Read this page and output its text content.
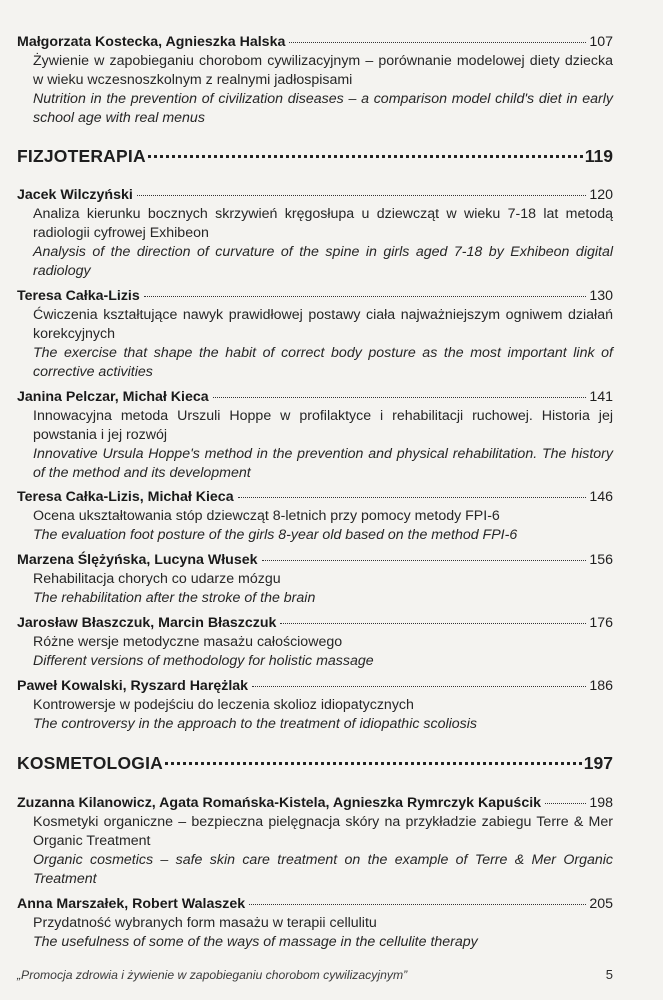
Małgorzata Kostecka, Agnieszka Halska	107
Żywienie w zapobieganiu chorobom cywilizacyjnym – porównanie modelowej diety dziecka w wieku wczesnoszkolnym z realnymi jadłospisami
Nutrition in the prevention of civilization diseases – a comparison model child's diet in early school age with real menus
FIZJOTERAPIA	119
Jacek Wilczyński	120
Analiza kierunku bocznych skrzywień kręgosłupa u dziewcząt w wieku 7-18 lat metodą radiologii cyfrowej Exhibeon
Analysis of the direction of curvature of the spine in girls aged 7-18 by Exhibeon digital radiology
Teresa Całka-Lizis	130
Ćwiczenia kształtujące nawyk prawidłowej postawy ciała najważniejszym ogniwem działań korekcyjnych
The exercise that shape the habit of correct body posture as the most important link of corrective activities
Janina Pelczar, Michał Kieca	141
Innowacyjna metoda Urszuli Hoppe w profilaktyce i rehabilitacji ruchowej. Historia jej powstania i jej rozwój
Innovative Ursula Hoppe's method in the prevention and physical rehabilitation. The history of the method and its development
Teresa Całka-Lizis, Michał Kieca	146
Ocena ukształtowania stóp dziewcząt 8-letnich przy pomocy metody FPI-6
The evaluation foot posture of the girls 8-year old based on the method FPI-6
Marzena Ślężyńska, Lucyna Włusek	156
Rehabilitacja chorych co udarze mózgu
The rehabilitation after the stroke of the brain
Jarosław Błaszczuk, Marcin Błaszczuk	176
Różne wersje metodyczne masażu całościowego
Different versions of methodology for holistic massage
Paweł Kowalski, Ryszard Harężlak	186
Kontrowersje w podejściu do leczenia skolioz idiopatycznych
The controversy in the approach to the treatment of idiopathic scoliosis
KOSMETOLOGIA	197
Zuzanna Kilanowicz, Agata Romańska-Kistela, Agnieszka Rymrczyk Kapuścik	198
Kosmetyki organiczne – bezpieczna pielęgnacja skóry na przykładzie zabiegu Terre & Mer Organic Treatment
Organic cosmetics – safe skin care treatment on the example of Terre & Mer Organic Treatment
Anna Marszałek, Robert Walaszek	205
Przydatność wybranych form masażu w terapii cellulitu
The usefulness of some of the ways of massage in the cellulite therapy
„Promocja zdrowia i żywienie w zapobieganiu chorobom cywilizacyjnym”	5
